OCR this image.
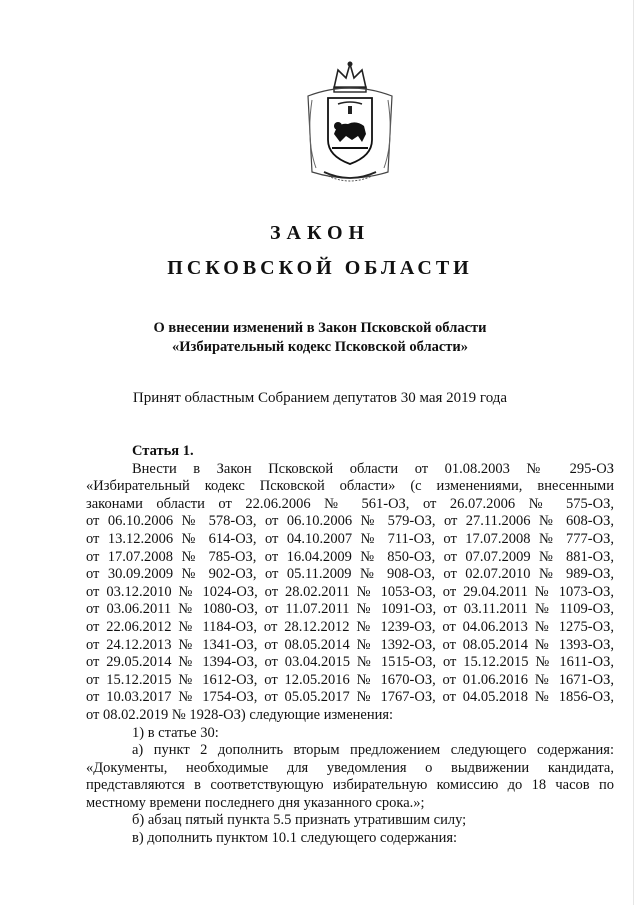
ЗАКОН
ПСКОВСКОЙ ОБЛАСТИ
О внесении изменений в Закон Псковской области
«Избирательный кодекс Псковской области»
Принят областным Собранием депутатов 30 мая 2019 года
Статья 1.
Внести в Закон Псковской области от 01.08.2003 № 295-ОЗ
«Избирательный кодекс Псковской области» (с изменениями, внесенными
законами области от 22.06.2006 № 561-ОЗ, от 26.07.2006 № 575-ОЗ,
от 06.10.2006 № 578-ОЗ, от 06.10.2006 № 579-ОЗ, от 27.11.2006 № 608-ОЗ,
от 13.12.2006 № 614-ОЗ, от 04.10.2007 № 711-ОЗ, от 17.07.2008 № 777-ОЗ,
от 17.07.2008 № 785-ОЗ, от 16.04.2009 № 850-ОЗ, от 07.07.2009 № 881-ОЗ,
от 30.09.2009 № 902-ОЗ, от 05.11.2009 № 908-ОЗ, от 02.07.2010 № 989-ОЗ,
от 03.12.2010 № 1024-ОЗ, от 28.02.2011 № 1053-ОЗ, от 29.04.2011 № 1073-ОЗ,
от 03.06.2011 № 1080-ОЗ, от 11.07.2011 № 1091-ОЗ, от 03.11.2011 № 1109-ОЗ,
от 22.06.2012 № 1184-ОЗ, от 28.12.2012 № 1239-ОЗ, от 04.06.2013 № 1275-ОЗ,
от 24.12.2013 № 1341-ОЗ, от 08.05.2014 № 1392-ОЗ, от 08.05.2014 № 1393-ОЗ,
от 29.05.2014 № 1394-ОЗ, от 03.04.2015 № 1515-ОЗ, от 15.12.2015 № 1611-ОЗ,
от 15.12.2015 № 1612-ОЗ, от 12.05.2016 № 1670-ОЗ, от 01.06.2016 № 1671-ОЗ,
от 10.03.2017 № 1754-ОЗ, от 05.05.2017 № 1767-ОЗ, от 04.05.2018 № 1856-ОЗ,
от 08.02.2019 № 1928-ОЗ) следующие изменения:
1) в статье 30:
а) пункт 2 дополнить вторым предложением следующего содержания:
«Документы, необходимые для уведомления о выдвижении кандидата,
представляются в соответствующую избирательную комиссию до 18 часов по
местному времени последнего дня указанного срока.»;
б) абзац пятый пункта 5.5 признать утратившим силу;
в) дополнить пунктом 10.1 следующего содержания:
